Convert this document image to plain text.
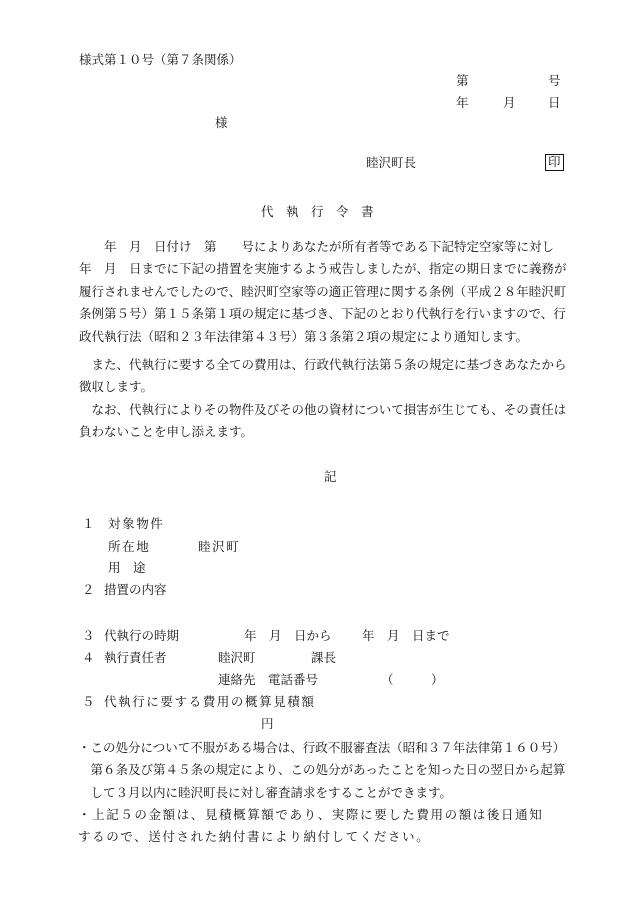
様式第１０号（第７条関係）
第	号
年	月	日
様
睦沢町長	印
代　執　行　令　書
　　年　月　日付け　第　　号によりあなたが所有者等である下記特定空家等に対し
年　月　日までに下記の措置を実施するよう戒告しましたが、指定の期日までに義務が
履行されませんでしたので、睦沢町空家等の適正管理に関する条例（平成２８年睦沢町
条例第５号）第１５条第１項の規定に基づき、下記のとおり代執行を行いますので、行
政代執行法（昭和２３年法律第４３号）第３条第２項の規定により通知します。
　また、代執行に要する全ての費用は、行政代執行法第５条の規定に基づきあなたから
徴収します。
　なお、代執行によりその物件及びその他の資材について損害が生じても、その責任は
負わないことを申し添えます。
記
１ 対象物件
所在地	睦沢町
用　途
２ 措置の内容
３ 代執行の時期	年　月　日から 年　月　日まで
４ 執行責任者	睦沢町	課長
連絡先　電話番号	（　　　）
５ 代執行に要する費用の概算見積額
円
・この処分について不服がある場合は、行政不服審査法（昭和３７年法律第１６０号）
　第６条及び第４５条の規定により、この処分があったことを知った日の翌日から起算
　して３月以内に睦沢町長に対し審査請求をすることができます。
・上記５の金額は、見積概算額であり、実際に要した費用の額は後日通知
するので、送付された納付書により納付してください。
